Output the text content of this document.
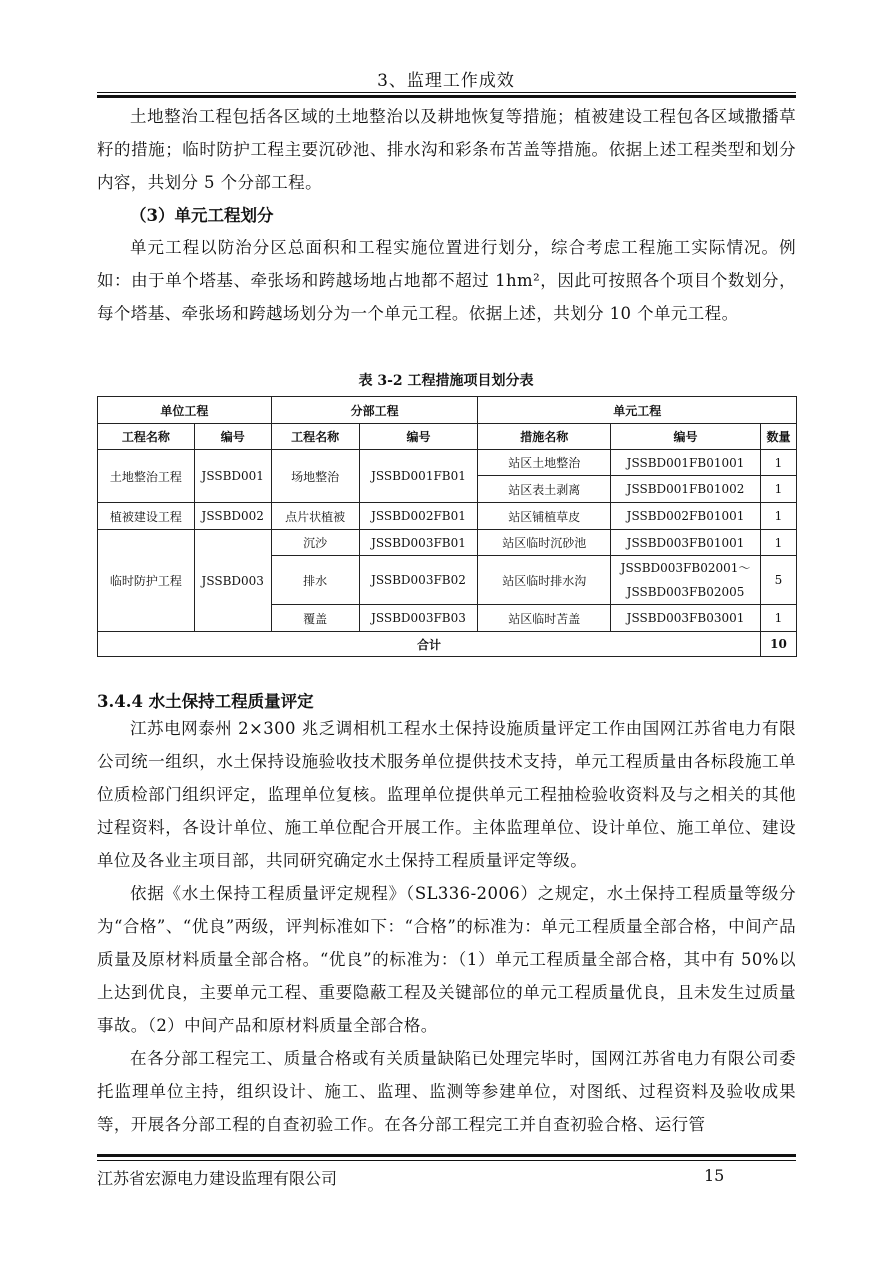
3、监理工作成效

土地整治工程包括各区域的土地整治以及耕地恢复等措施；植被建设工程包各区域撒播草籽的措施；临时防护工程主要沉砂池、排水沟和彩条布苫盖等措施。依据上述工程类型和划分内容，共划分 5 个分部工程。

（3）单元工程划分

单元工程以防治分区总面积和工程实施位置进行划分，综合考虑工程施工实际情况。例如：由于单个塔基、牵张场和跨越场地占地都不超过 1hm²，因此可按照各个项目个数划分，每个塔基、牵张场和跨越场划分为一个单元工程。依据上述，共划分 10 个单元工程。

表 3-2 工程措施项目划分表
单位工程		分部工程		单元工程		
工程名称	编号	工程名称	编号	措施名称	编号	数量
土地整治工程	JSSBD001	场地整治	JSSBD001FB01	站区土地整治	JSSBD001FB01001	1
				站区表土剥离	JSSBD001FB01002	1
植被建设工程	JSSBD002	点片状植被	JSSBD002FB01	站区铺植草皮	JSSBD002FB01001	1
临时防护工程	JSSBD003	沉沙	JSSBD003FB01	站区临时沉砂池	JSSBD003FB01001	1
		排水	JSSBD003FB02	站区临时排水沟	JSSBD003FB02001～
JSSBD003FB02005	5
		覆盖	JSSBD003FB03	站区临时苫盖	JSSBD003FB03001	1
合计						10
3.4.4 水土保持工程质量评定

江苏电网泰州 2×300 兆乏调相机工程水土保持设施质量评定工作由国网江苏省电力有限公司统一组织，水土保持设施验收技术服务单位提供技术支持，单元工程质量由各标段施工单位质检部门组织评定，监理单位复核。监理单位提供单元工程抽检验收资料及与之相关的其他过程资料，各设计单位、施工单位配合开展工作。主体监理单位、设计单位、施工单位、建设单位及各业主项目部，共同研究确定水土保持工程质量评定等级。

依据《水土保持工程质量评定规程》（SL336-2006）之规定，水土保持工程质量等级分为“合格”、“优良”两级，评判标准如下：“合格”的标准为：单元工程质量全部合格，中间产品质量及原材料质量全部合格。“优良”的标准为：（1）单元工程质量全部合格，其中有 50%以上达到优良，主要单元工程、重要隐蔽工程及关键部位的单元工程质量优良，且未发生过质量事故。（2）中间产品和原材料质量全部合格。

在各分部工程完工、质量合格或有关质量缺陷已处理完毕时，国网江苏省电力有限公司委托监理单位主持，组织设计、施工、监理、监测等参建单位，对图纸、过程资料及验收成果等，开展各分部工程的自查初验工作。在各分部工程完工并自查初验合格、运行管

江苏省宏源电力建设监理有限公司	15
